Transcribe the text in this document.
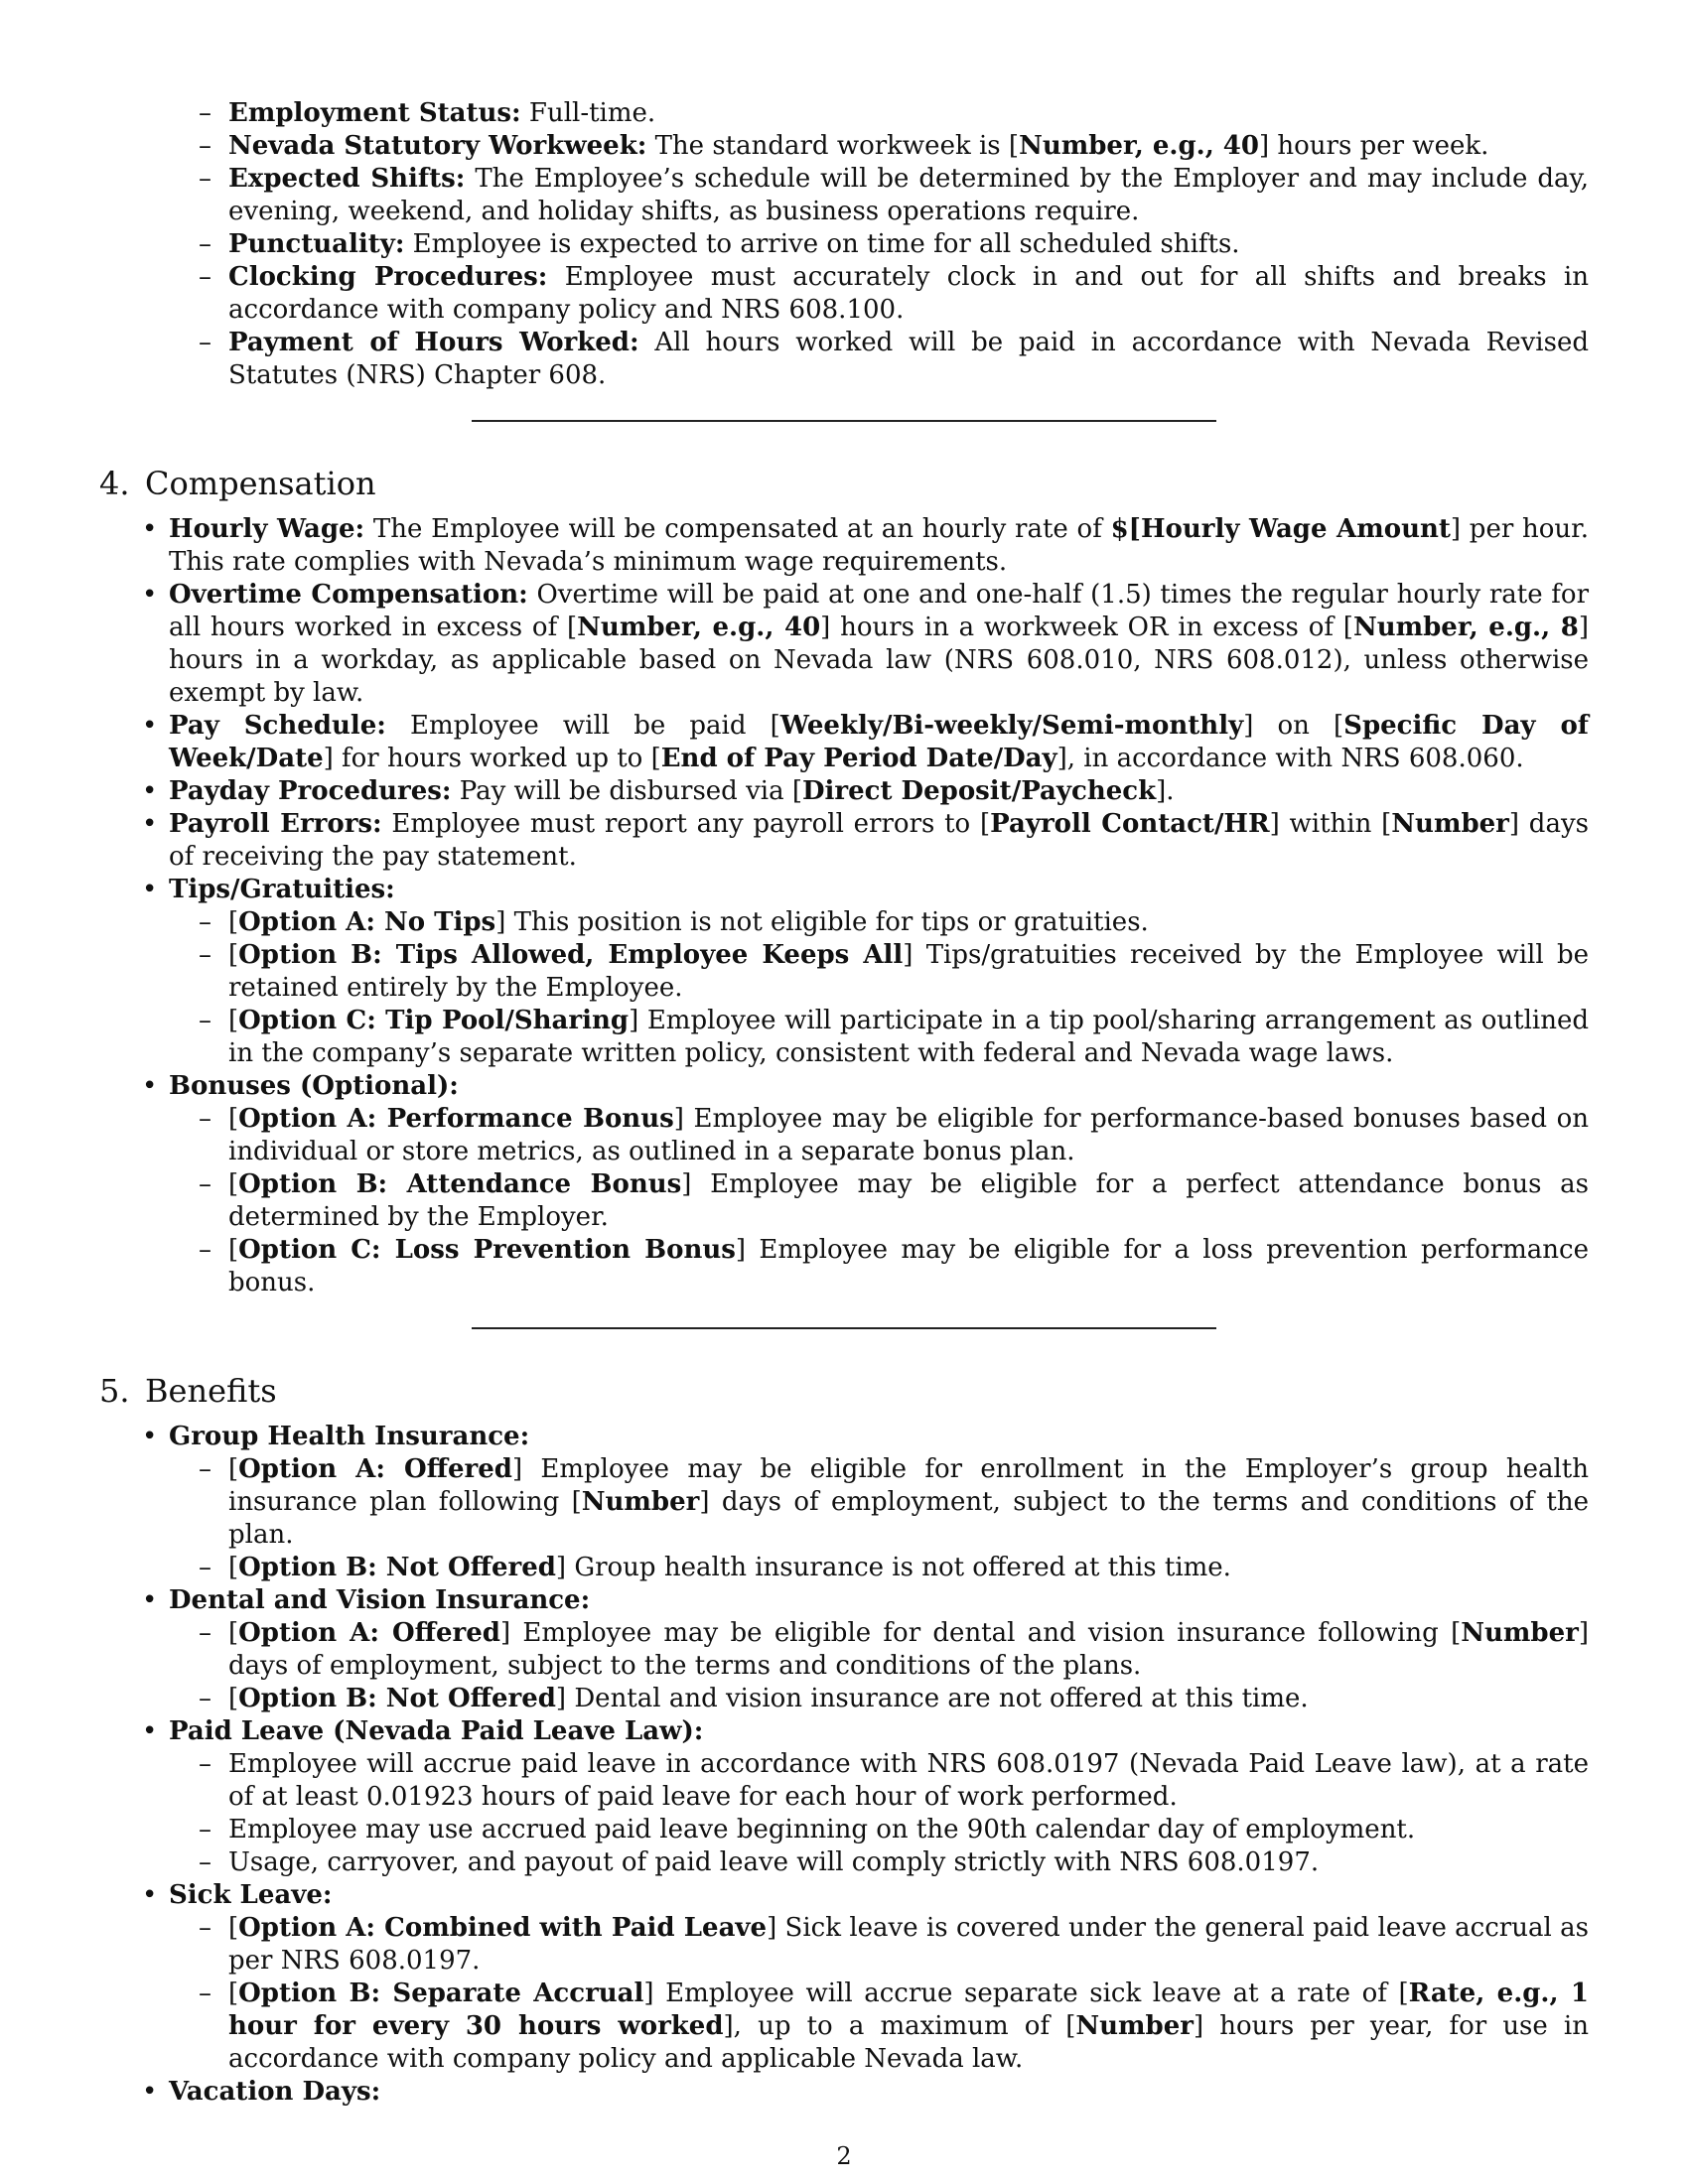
– Employment Status: Full-time.
– Nevada Statutory Workweek: The standard workweek is [Number, e.g., 40] hours per week.
– Expected Shifts: The Employee’s schedule will be determined by the Employer and may include day, evening, weekend, and holiday shifts, as business operations require.
– Punctuality: Employee is expected to arrive on time for all scheduled shifts.
– Clocking Procedures: Employee must accurately clock in and out for all shifts and breaks in accordance with company policy and NRS 608.100.
– Payment of Hours Worked: All hours worked will be paid in accordance with Nevada Revised Statutes (NRS) Chapter 608.
4. Compensation
• Hourly Wage: The Employee will be compensated at an hourly rate of $[Hourly Wage Amount] per hour. This rate complies with Nevada’s minimum wage requirements.
• Overtime Compensation: Overtime will be paid at one and one-half (1.5) times the regular hourly rate for all hours worked in excess of [Number, e.g., 40] hours in a workweek OR in excess of [Number, e.g., 8] hours in a workday, as applicable based on Nevada law (NRS 608.010, NRS 608.012), unless otherwise exempt by law.
• Pay Schedule: Employee will be paid [Weekly/Bi-weekly/Semi-monthly] on [Specific Day of Week/Date] for hours worked up to [End of Pay Period Date/Day], in accordance with NRS 608.060.
• Payday Procedures: Pay will be disbursed via [Direct Deposit/Paycheck].
• Payroll Errors: Employee must report any payroll errors to [Payroll Contact/HR] within [Number] days of receiving the pay statement.
• Tips/Gratuities:
– [Option A: No Tips] This position is not eligible for tips or gratuities.
– [Option B: Tips Allowed, Employee Keeps All] Tips/gratuities received by the Employee will be retained entirely by the Employee.
– [Option C: Tip Pool/Sharing] Employee will participate in a tip pool/sharing arrangement as outlined in the company’s separate written policy, consistent with federal and Nevada wage laws.
• Bonuses (Optional):
– [Option A: Performance Bonus] Employee may be eligible for performance-based bonuses based on individual or store metrics, as outlined in a separate bonus plan.
– [Option B: Attendance Bonus] Employee may be eligible for a perfect attendance bonus as determined by the Employer.
– [Option C: Loss Prevention Bonus] Employee may be eligible for a loss prevention performance bonus.
5. Benefits
• Group Health Insurance:
– [Option A: Offered] Employee may be eligible for enrollment in the Employer’s group health insurance plan following [Number] days of employment, subject to the terms and conditions of the plan.
– [Option B: Not Offered] Group health insurance is not offered at this time.
• Dental and Vision Insurance:
– [Option A: Offered] Employee may be eligible for dental and vision insurance following [Number] days of employment, subject to the terms and conditions of the plans.
– [Option B: Not Offered] Dental and vision insurance are not offered at this time.
• Paid Leave (Nevada Paid Leave Law):
– Employee will accrue paid leave in accordance with NRS 608.0197 (Nevada Paid Leave law), at a rate of at least 0.01923 hours of paid leave for each hour of work performed.
– Employee may use accrued paid leave beginning on the 90th calendar day of employment.
– Usage, carryover, and payout of paid leave will comply strictly with NRS 608.0197.
• Sick Leave:
– [Option A: Combined with Paid Leave] Sick leave is covered under the general paid leave accrual as per NRS 608.0197.
– [Option B: Separate Accrual] Employee will accrue separate sick leave at a rate of [Rate, e.g., 1 hour for every 30 hours worked], up to a maximum of [Number] hours per year, for use in accordance with company policy and applicable Nevada law.
• Vacation Days:
2
